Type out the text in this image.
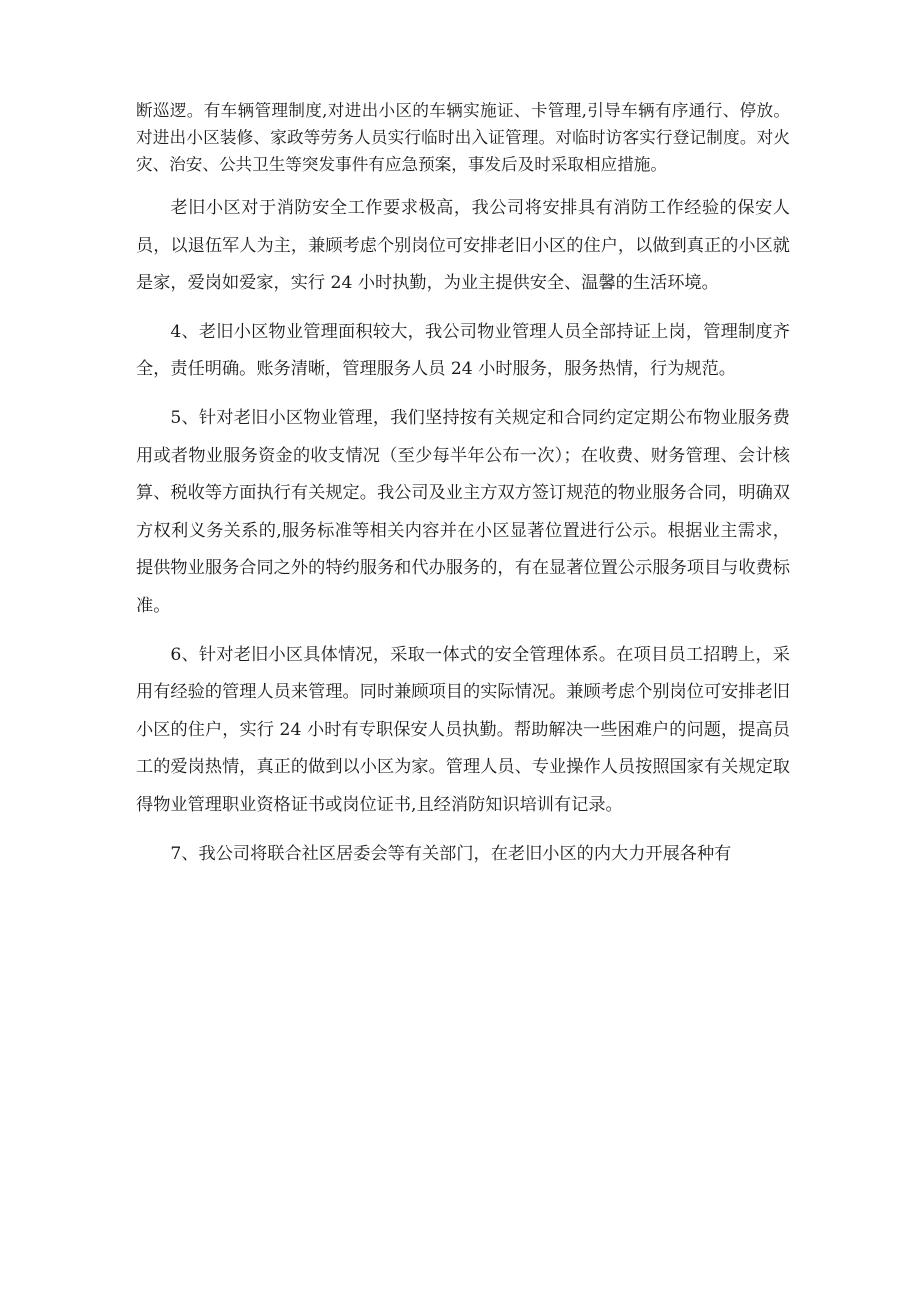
断巡逻。有车辆管理制度,对进出小区的车辆实施证、卡管理,引导车辆有序通行、停放。对进出小区装修、家政等劳务人员实行临时出入证管理。对临时访客实行登记制度。对火灾、治安、公共卫生等突发事件有应急预案，事发后及时采取相应措施。

老旧小区对于消防安全工作要求极高，我公司将安排具有消防工作经验的保安人员，以退伍军人为主，兼顾考虑个别岗位可安排老旧小区的住户，以做到真正的小区就是家，爱岗如爱家，实行 24 小时执勤，为业主提供安全、温馨的生活环境。

4、老旧小区物业管理面积较大，我公司物业管理人员全部持证上岗，管理制度齐全，责任明确。账务清晰，管理服务人员 24 小时服务，服务热情，行为规范。

5、针对老旧小区物业管理，我们坚持按有关规定和合同约定定期公布物业服务费用或者物业服务资金的收支情况（至少每半年公布一次）；在收费、财务管理、会计核算、税收等方面执行有关规定。我公司及业主方双方签订规范的物业服务合同，明确双方权利义务关系的,服务标准等相关内容并在小区显著位置进行公示。根据业主需求，提供物业服务合同之外的特约服务和代办服务的，有在显著位置公示服务项目与收费标准。

6、针对老旧小区具体情况，采取一体式的安全管理体系。在项目员工招聘上，采用有经验的管理人员来管理。同时兼顾项目的实际情况。兼顾考虑个别岗位可安排老旧小区的住户，实行 24 小时有专职保安人员执勤。帮助解决一些困难户的问题，提高员工的爱岗热情，真正的做到以小区为家。管理人员、专业操作人员按照国家有关规定取得物业管理职业资格证书或岗位证书,且经消防知识培训有记录。

7、我公司将联合社区居委会等有关部门，在老旧小区的内大力开展各种有
